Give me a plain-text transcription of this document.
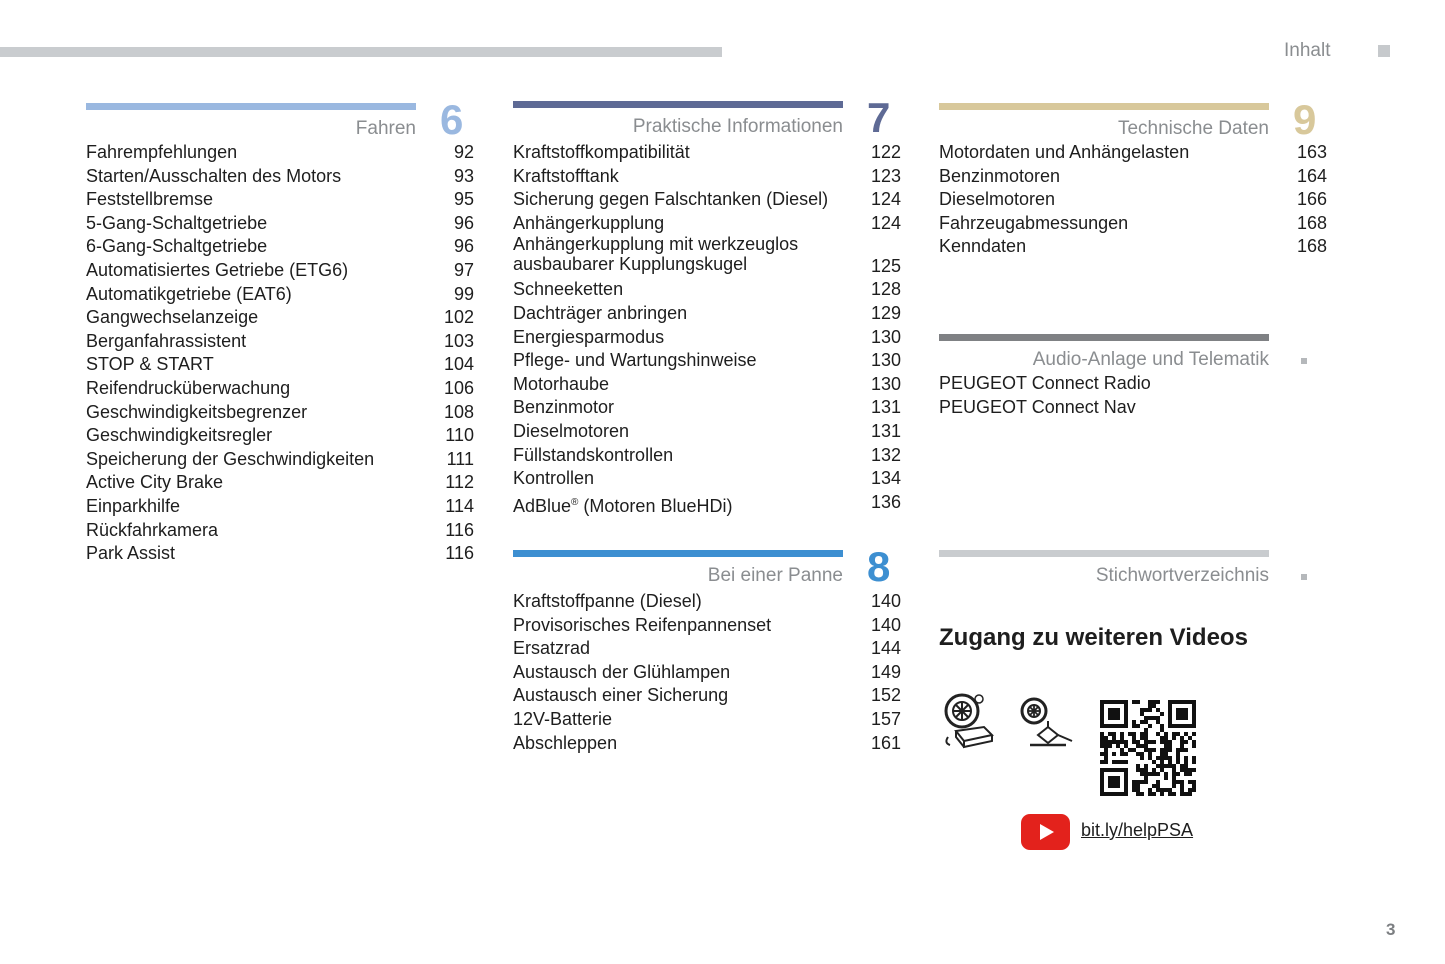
Inhalt
Fahren 6
Fahrempfehlungen	92
Starten/Ausschalten des Motors	93
Feststellbremse	95
5-Gang-Schaltgetriebe	96
6-Gang-Schaltgetriebe	96
Automatisiertes Getriebe (ETG6)	97
Automatikgetriebe (EAT6)	99
Gangwechselanzeige	102
Berganfahrassistent	103
STOP & START	104
Reifendrucküberwachung	106
Geschwindigkeitsbegrenzer	108
Geschwindigkeitsregler	110
Speicherung der Geschwindigkeiten	111
Active City Brake	112
Einparkhilfe	114
Rückfahrkamera	116
Park Assist	116
Praktische Informationen 7
Kraftstoffkompatibilität	122
Kraftstofftank	123
Sicherung gegen Falschtanken (Diesel)	124
Anhängerkupplung	124
Anhängerkupplung mit werkzeuglos ausbaubarer Kupplungskugel	125
Schneeketten	128
Dachträger anbringen	129
Energiesparmodus	130
Pflege- und Wartungshinweise	130
Motorhaube	130
Benzinmotor	131
Dieselmotoren	131
Füllstandskontrollen	132
Kontrollen	134
AdBlue® (Motoren BlueHDi)	136
Bei einer Panne 8
Kraftstoffpanne (Diesel)	140
Provisorisches Reifenpannenset	140
Ersatzrad	144
Austausch der Glühlampen	149
Austausch einer Sicherung	152
12V-Batterie	157
Abschleppen	161
Technische Daten 9
Motordaten und Anhängelasten	163
Benzinmotoren	164
Dieselmotoren	166
Fahrzeugabmessungen	168
Kenndaten	168
Audio-Anlage und Telematik
PEUGEOT Connect Radio
PEUGEOT Connect Nav
Stichwortverzeichnis
Zugang zu weiteren Videos
bit.ly/helpPSA
3
